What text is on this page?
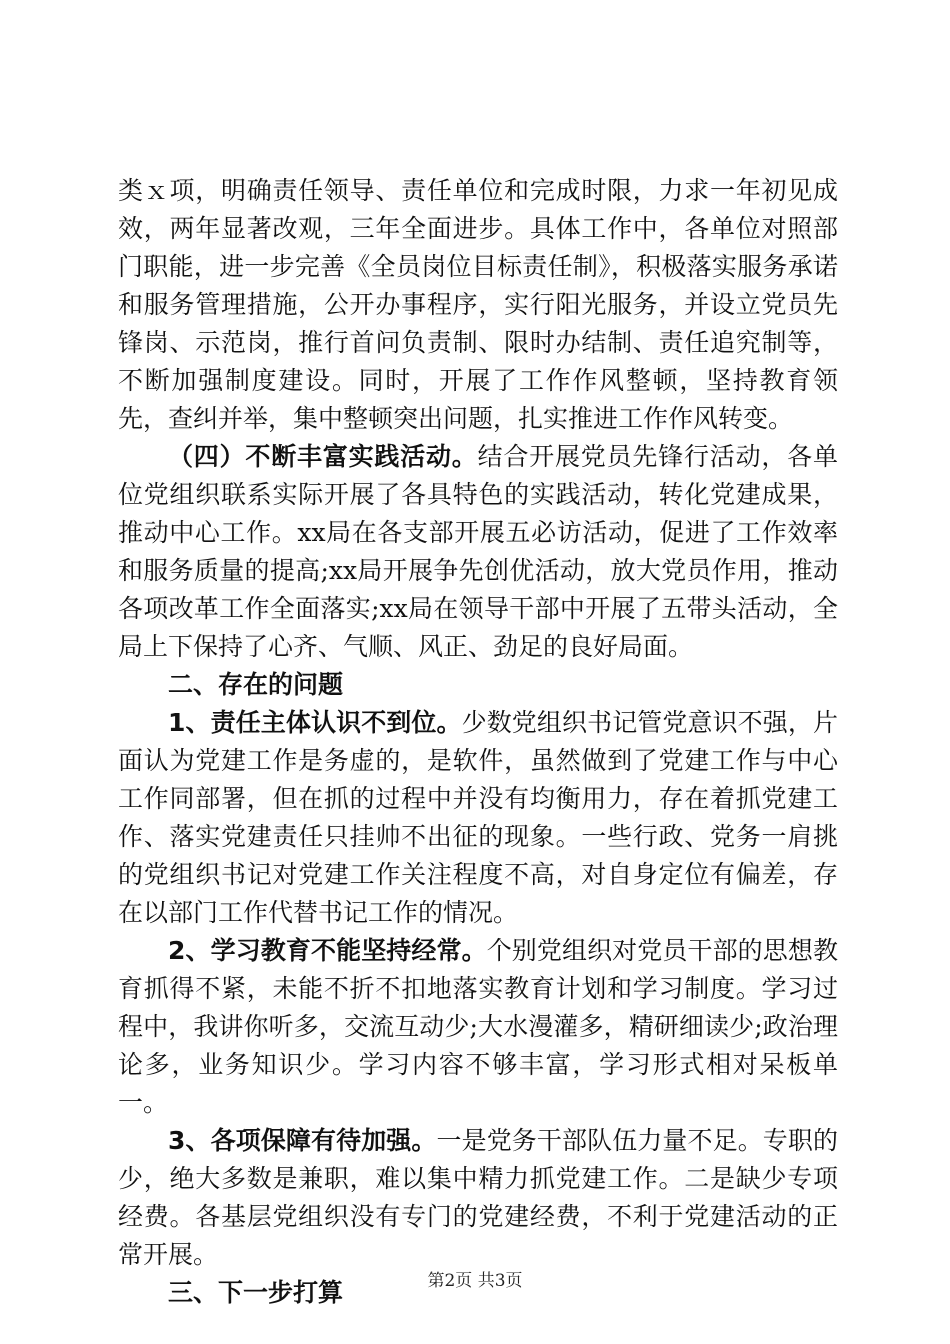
类ｘ项，明确责任领导、责任单位和完成时限，力求一年初见成效，两年显著改观，三年全面进步。具体工作中，各单位对照部门职能，进一步完善《全员岗位目标责任制》，积极落实服务承诺和服务管理措施，公开办事程序，实行阳光服务，并设立党员先锋岗、示范岗，推行首问负责制、限时办结制、责任追究制等，不断加强制度建设。同时，开展了工作作风整顿，坚持教育领先，查纠并举，集中整顿突出问题，扎实推进工作作风转变。

（四）不断丰富实践活动。结合开展党员先锋行活动，各单位党组织联系实际开展了各具特色的实践活动，转化党建成果，推动中心工作。xx局在各支部开展五必访活动，促进了工作效率和服务质量的提高;xx局开展争先创优活动，放大党员作用，推动各项改革工作全面落实;xx局在领导干部中开展了五带头活动，全局上下保持了心齐、气顺、风正、劲足的良好局面。

二、存在的问题

1、责任主体认识不到位。少数党组织书记管党意识不强，片面认为党建工作是务虚的，是软件，虽然做到了党建工作与中心工作同部署，但在抓的过程中并没有均衡用力，存在着抓党建工作、落实党建责任只挂帅不出征的现象。一些行政、党务一肩挑的党组织书记对党建工作关注程度不高，对自身定位有偏差，存在以部门工作代替书记工作的情况。

2、学习教育不能坚持经常。个别党组织对党员干部的思想教育抓得不紧，未能不折不扣地落实教育计划和学习制度。学习过程中，我讲你听多，交流互动少;大水漫灌多，精研细读少;政治理论多，业务知识少。学习内容不够丰富，学习形式相对呆板单一。

3、各项保障有待加强。一是党务干部队伍力量不足。专职的少，绝大多数是兼职，难以集中精力抓党建工作。二是缺少专项经费。各基层党组织没有专门的党建经费，不利于党建活动的正常开展。

三、下一步打算	第2页 共3页
